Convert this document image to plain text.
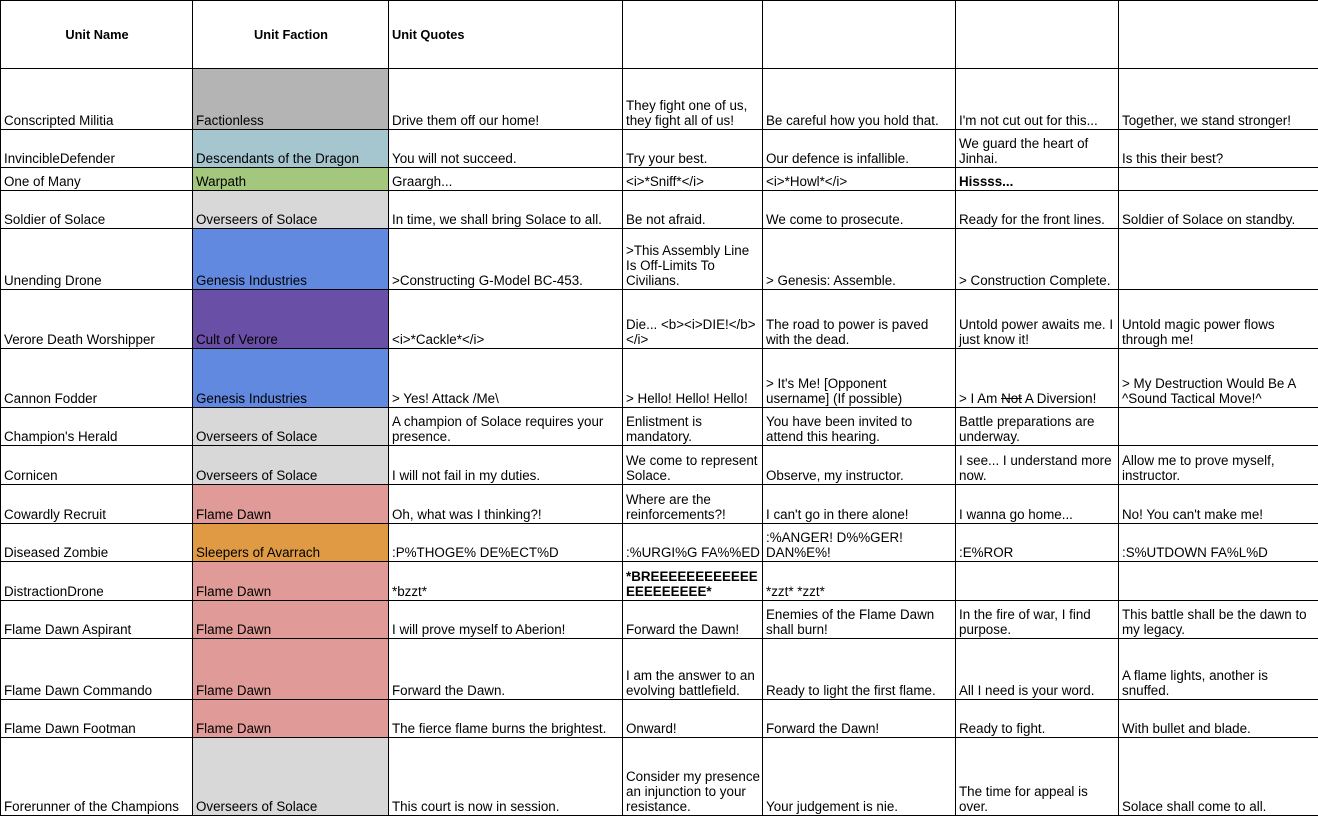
Unit Name	Unit Faction	Unit Quotes				
Conscripted Militia	Factionless	Drive them off our home!	They fight one of us, they fight all of us!	Be careful how you hold that.	I'm not cut out for this...	Together, we stand stronger!
InvincibleDefender	Descendants of the Dragon	You will not succeed.	Try your best.	Our defence is infallible.	We guard the heart of Jinhai.	Is this their best?
One of Many	Warpath	Graargh...	<i>*Sniff*</i>	<i>*Howl*</i>	Hissss...	
Soldier of Solace	Overseers of Solace	In time, we shall bring Solace to all.	Be not afraid.	We come to prosecute.	Ready for the front lines.	Soldier of Solace on standby.
Unending Drone	Genesis Industries	>Constructing G-Model BC-453.	>This Assembly Line Is Off-Limits To Civilians.	> Genesis: Assemble.	> Construction Complete.	
Verore Death Worshipper	Cult of Verore	<i>*Cackle*</i>	Die... <b><i>DIE!</b></i>	The road to power is paved with the dead.	Untold power awaits me. I just know it!	Untold magic power flows through me!
Cannon Fodder	Genesis Industries	> Yes! Attack /Me\	> Hello! Hello! Hello!	> It's Me! [Opponent username] (If possible)	> I Am Not A Diversion!	> My Destruction Would Be A ^Sound Tactical Move!^
Champion's Herald	Overseers of Solace	A champion of Solace requires your presence.	Enlistment is mandatory.	You have been invited to attend this hearing.	Battle preparations are underway.	
Cornicen	Overseers of Solace	I will not fail in my duties.	We come to represent Solace.	Observe, my instructor.	I see... I understand more now.	Allow me to prove myself, instructor.
Cowardly Recruit	Flame Dawn	Oh, what was I thinking?!	Where are the reinforcements?!	I can't go in there alone!	I wanna go home...	No! You can't make me!
Diseased Zombie	Sleepers of Avarrach	:P%THOGE% DE%ECT%D	:%URGI%G FA%%ED	:%ANGER! D%%GER! DAN%E%!	:E%ROR	:S%UTDOWN FA%L%D
DistractionDrone	Flame Dawn	*bzzt*	*BREEEEEEEEEEEEEEEEEEEEE*	*zzt* *zzt*		
Flame Dawn Aspirant	Flame Dawn	I will prove myself to Aberion!	Forward the Dawn!	Enemies of the Flame Dawn shall burn!	In the fire of war, I find purpose.	This battle shall be the dawn to my legacy.
Flame Dawn Commando	Flame Dawn	Forward the Dawn.	I am the answer to an evolving battlefield.	Ready to light the first flame.	All I need is your word.	A flame lights, another is snuffed.
Flame Dawn Footman	Flame Dawn	The fierce flame burns the brightest.	Onward!	Forward the Dawn!	Ready to fight.	With bullet and blade.
Forerunner of the Champions	Overseers of Solace	This court is now in session.	Consider my presence an injunction to your resistance.	Your judgement is nie.	The time for appeal is over.	Solace shall come to all.
